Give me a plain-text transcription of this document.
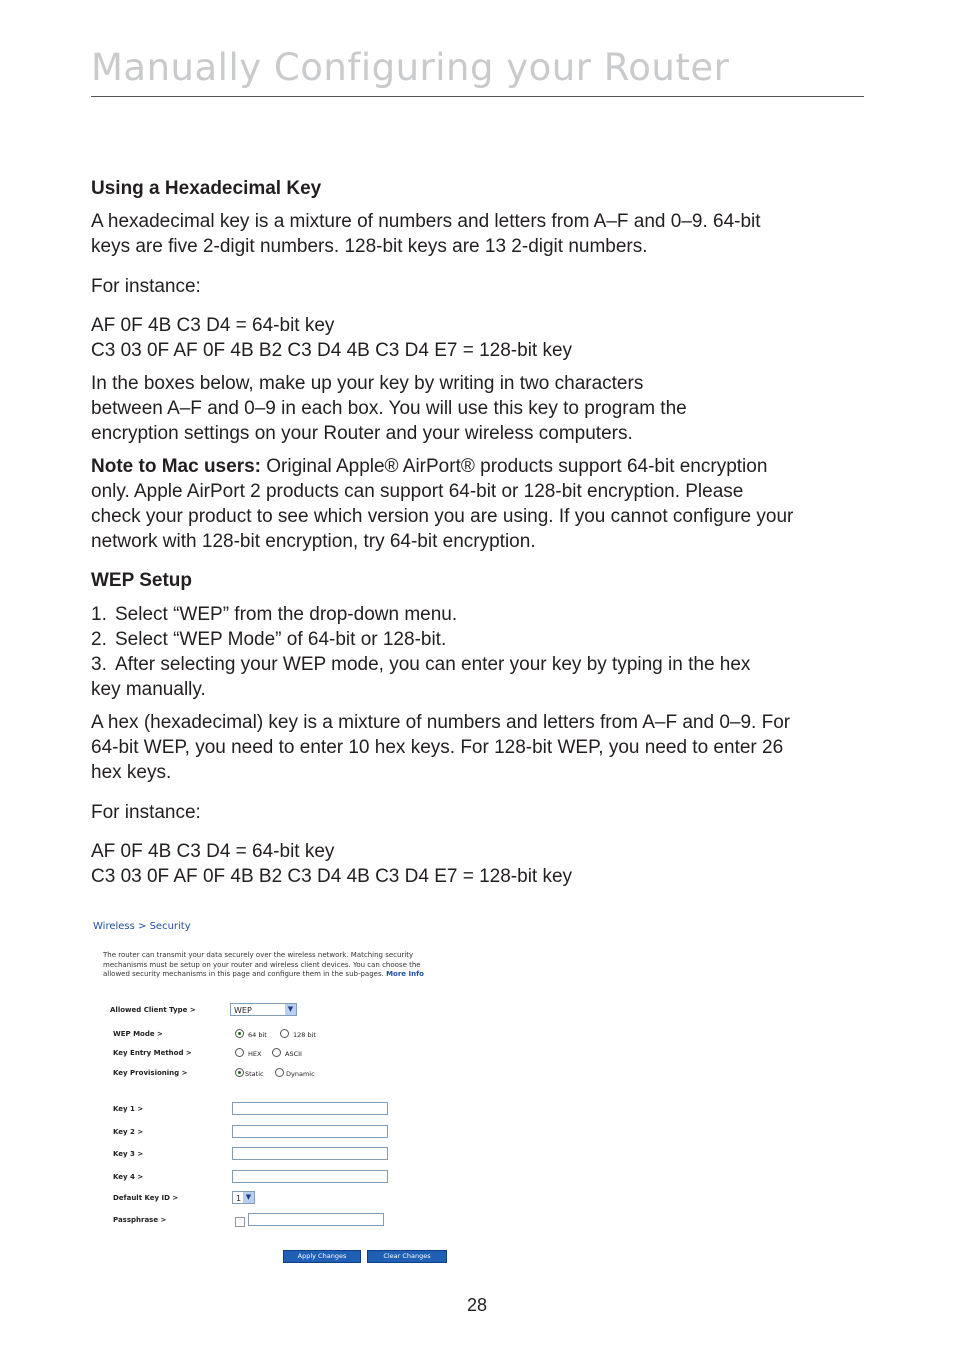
Manually Configuring your Router
Using a Hexadecimal Key
A hexadecimal key is a mixture of numbers and letters from A–F and 0–9. 64-bit
keys are five 2-digit numbers. 128-bit keys are 13 2-digit numbers.
For instance:
AF 0F 4B C3 D4 = 64-bit key
C3 03 0F AF 0F 4B B2 C3 D4 4B C3 D4 E7 = 128-bit key
In the boxes below, make up your key by writing in two characters
between A–F and 0–9 in each box. You will use this key to program the
encryption settings on your Router and your wireless computers.
Note to Mac users: Original Apple® AirPort® products support 64-bit encryption
only. Apple AirPort 2 products can support 64-bit or 128-bit encryption. Please
check your product to see which version you are using. If you cannot configure your
network with 128-bit encryption, try 64-bit encryption.
WEP Setup
1. Select “WEP” from the drop-down menu.
2. Select “WEP Mode” of 64-bit or 128-bit.
3. After selecting your WEP mode, you can enter your key by typing in the hex
key manually.
A hex (hexadecimal) key is a mixture of numbers and letters from A–F and 0–9. For
64-bit WEP, you need to enter 10 hex keys. For 128-bit WEP, you need to enter 26
hex keys.
For instance:
AF 0F 4B C3 D4 = 64-bit key
C3 03 0F AF 0F 4B B2 C3 D4 4B C3 D4 E7 = 128-bit key
Wireless > Security
The router can transmit your data securely over the wireless network. Matching security
mechanisms must be setup on your router and wireless client devices. You can choose the
allowed security mechanisms in this page and configure them in the sub-pages. More Info
Allowed Client Type >	WEP	▼
WEP Mode >	64 bit	128 bit
Key Entry Method >	HEX	ASCII
Key Provisioning >	Static	Dynamic
Key 1 >
Key 2 >
Key 3 >
Key 4 >
Default Key ID >	1 ▼
Passphrase >
Apply Changes	Clear Changes
28
